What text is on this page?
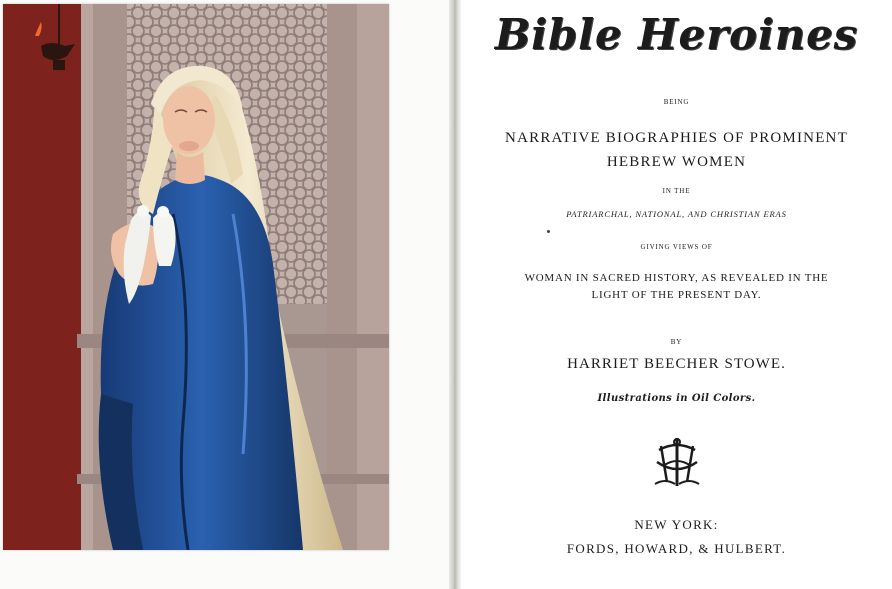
Bible Heroines
BEING
NARRATIVE BIOGRAPHIES OF PROMINENT
HEBREW WOMEN
IN THE
PATRIARCHAL, NATIONAL, AND CHRISTIAN ERAS
GIVING VIEWS OF
WOMAN IN SACRED HISTORY, AS REVEALED IN THE
LIGHT OF THE PRESENT DAY.
BY
HARRIET BEECHER STOWE.
Illustrations in Oil Colors.
NEW YORK:
FORDS, HOWARD, & HULBERT.
